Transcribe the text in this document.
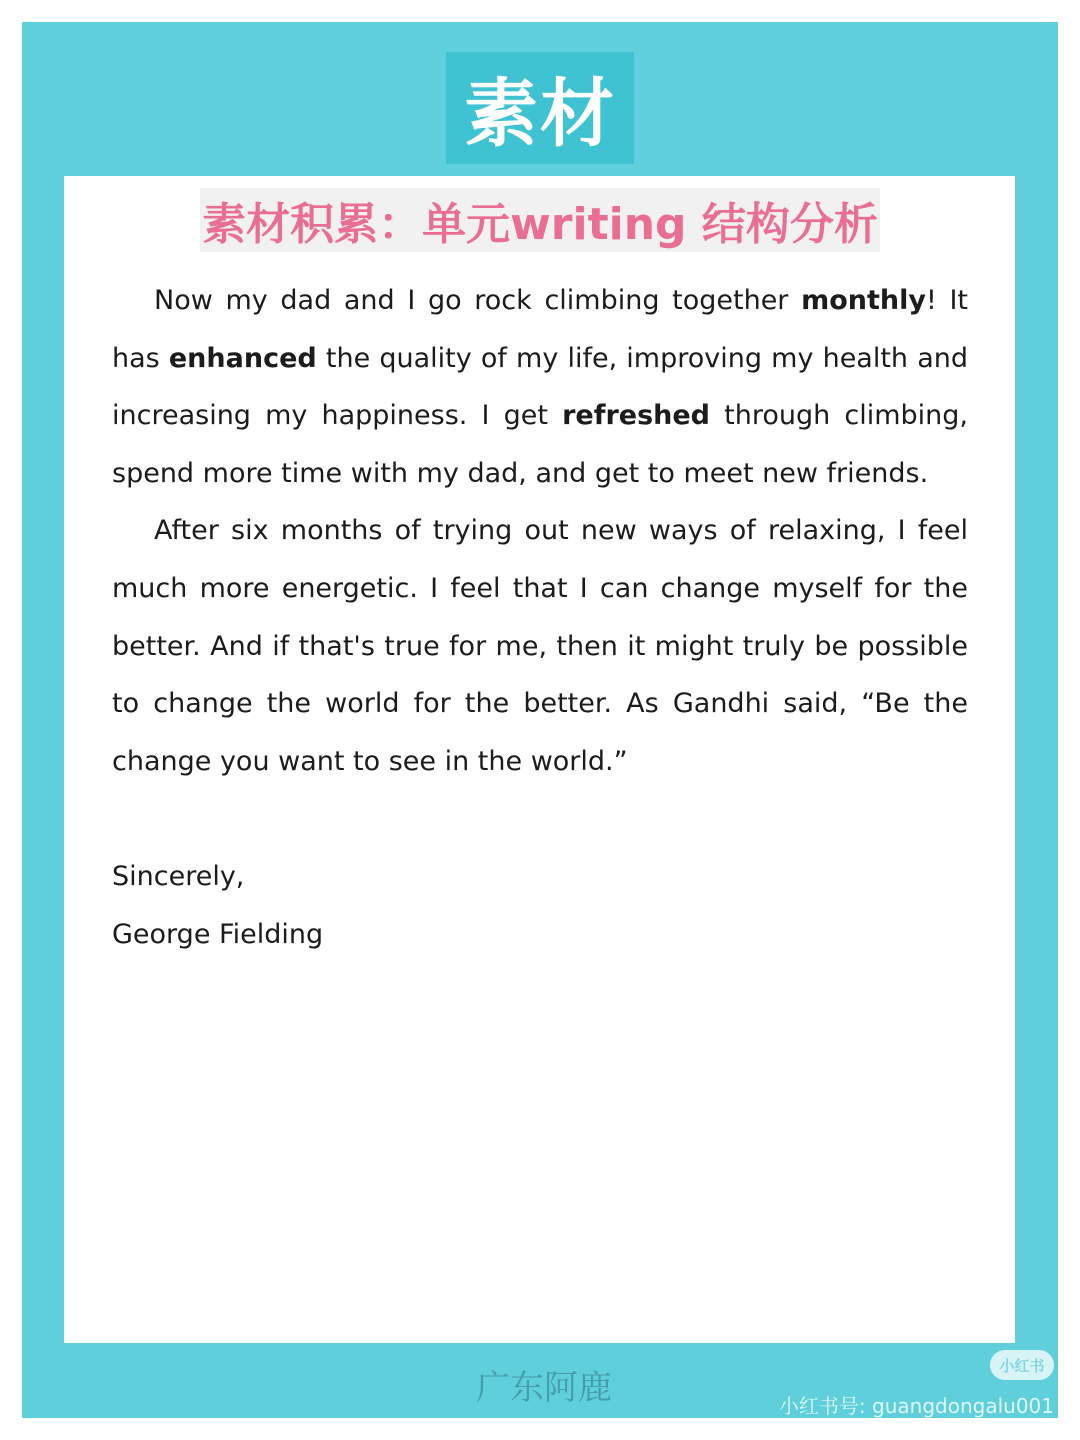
素材
素材积累：单元writing 结构分析

Now my dad and I go rock climbing together monthly! It has enhanced the quality of my life, improving my health and increasing my happiness. I get refreshed through climbing, spend more time with my dad, and get to meet new friends.

After six months of trying out new ways of relaxing, I feel much more energetic. I feel that I can change myself for the better. And if that's true for me, then it might truly be possible to change the world for the better. As Gandhi said, “Be the change you want to see in the world.”

Sincerely,
George Fielding
广东阿鹿
小红书
小红书号: guangdongalu001
